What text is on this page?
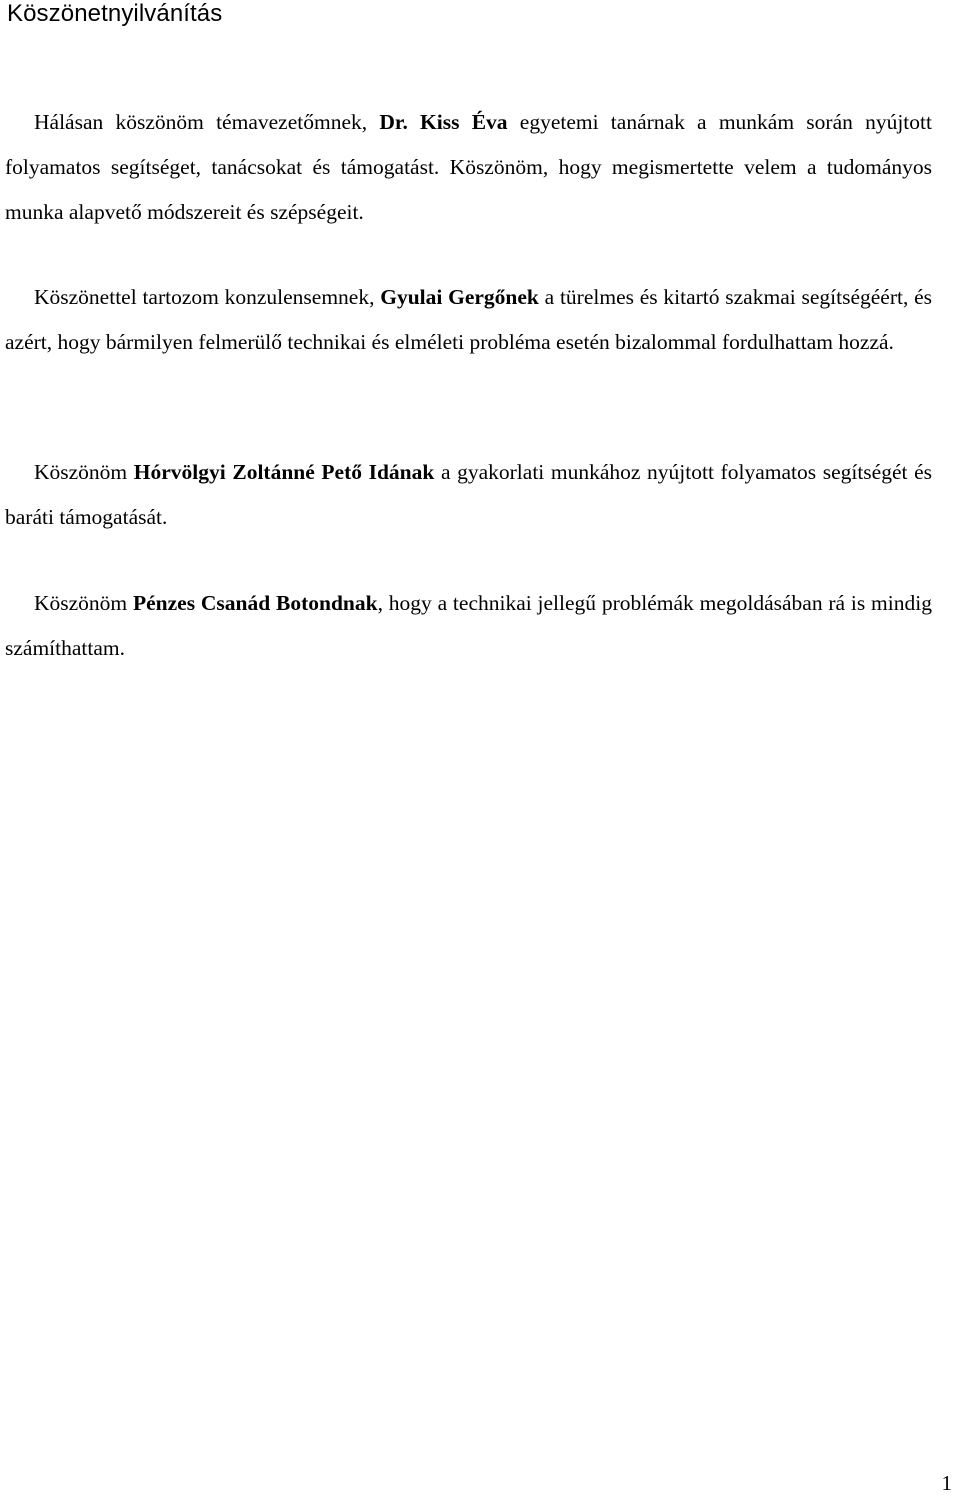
Köszönetnyilvánítás

Hálásan köszönöm témavezetőmnek, Dr. Kiss Éva egyetemi tanárnak a munkám során nyújtott folyamatos segítséget, tanácsokat és támogatást. Köszönöm, hogy megismertette velem a tudományos munka alapvető módszereit és szépségeit.

Köszönettel tartozom konzulensemnek, Gyulai Gergőnek a türelmes és kitartó szakmai segítségéért, és azért, hogy bármilyen felmerülő technikai és elméleti probléma esetén bizalommal fordulhattam hozzá.

Köszönöm Hórvölgyi Zoltánné Pető Idának a gyakorlati munkához nyújtott folyamatos segítségét és baráti támogatását.

Köszönöm Pénzes Csanád Botondnak, hogy a technikai jellegű problémák megoldásában rá is mindig számíthattam.

1
